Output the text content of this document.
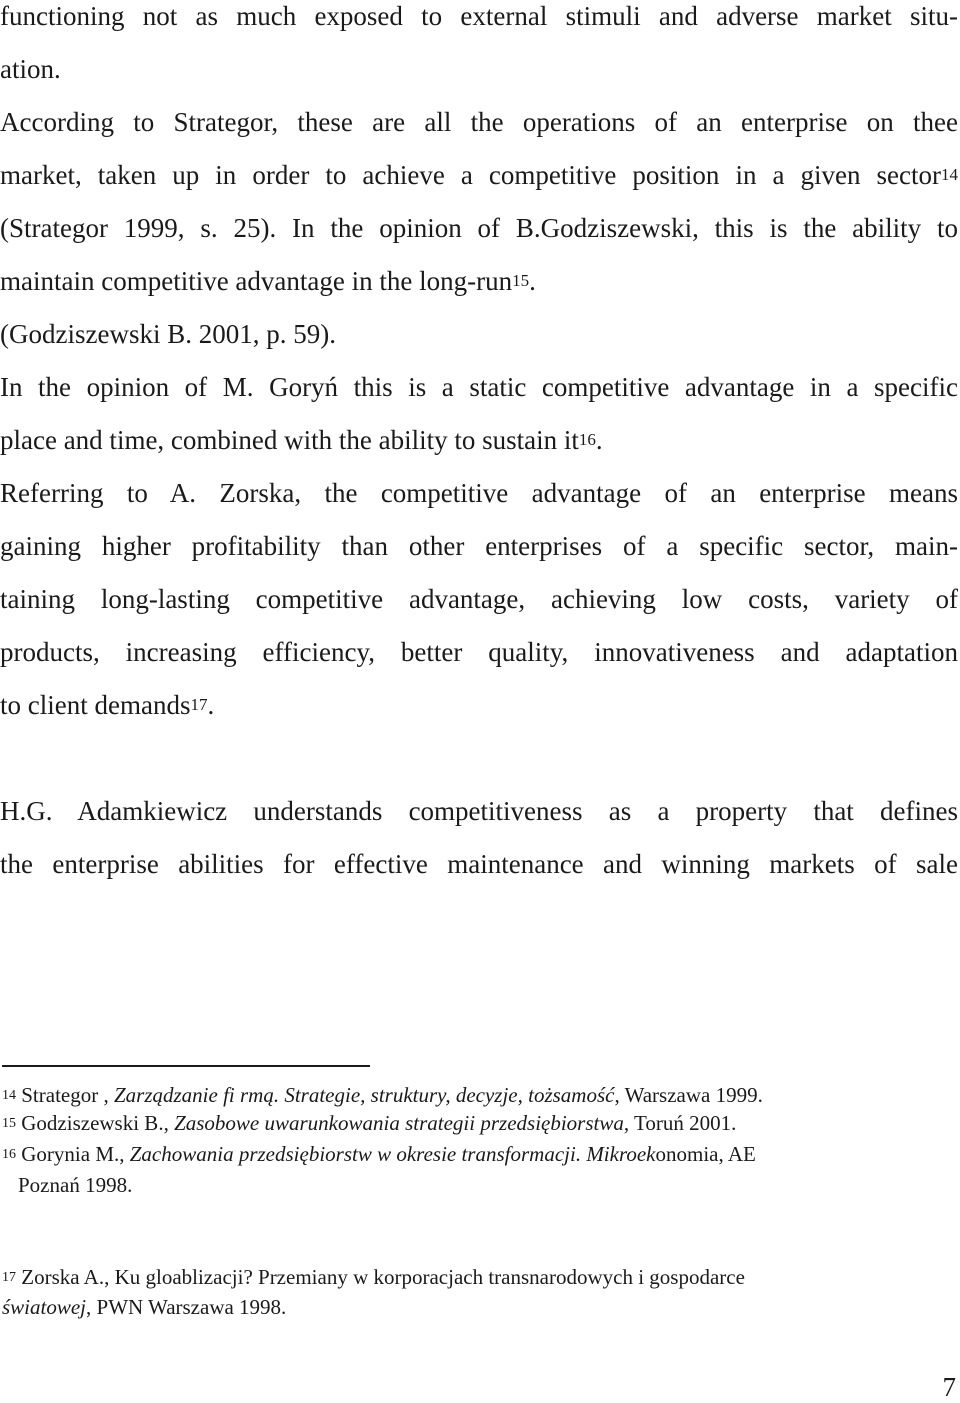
functioning not as much exposed to external stimuli and adverse market situ-
ation.
According to Strategor, these are all the operations of an enterprise on thee
market, taken up in order to achieve a competitive position in a given sector$^{14}$
(Strategor 1999, s. 25). In the opinion of B.Godziszewski, this is the ability to
maintain competitive advantage in the long-run$^{15}$.
(Godziszewski B. 2001, p. 59).
In the opinion of M. Goryń this is a static competitive advantage in a specific
place and time, combined with the ability to sustain $it^{16}$.
Referring to A. Zorska, the competitive advantage of an enterprise means
gaining higher profitability than other enterprises of a specific sector, main-
taining long-lasting competitive advantage, achieving low costs, variety of
products, increasing efficiency, better quality, innovativeness and adaptation
to client demands$^{17}$.
H.G. Adamkiewicz understands competitiveness as a property that defines
the enterprise abilities for effective maintenance and winning markets of sale
$^{14}$ Strategor , Zarządzanie fi rmą. Strategie, struktury, decyzje, tożsamość, Warszawa 1999.
$^{15}$ Godziszewski B., Zasobowe uwarunkowania strategii przedsiębiorstwa, Toruń 2001.
$^{16}$ Gorynia M., Zachowania przedsiębiorstw w okresie transformacji. Mikroekonomia, AE
Poznań 1998.
$^{17}$ Zorska A., Ku gloablizacji? Przemiany w korporacjach transnarodowych i gospodarce
światowej, PWN Warszawa 1998.
7
